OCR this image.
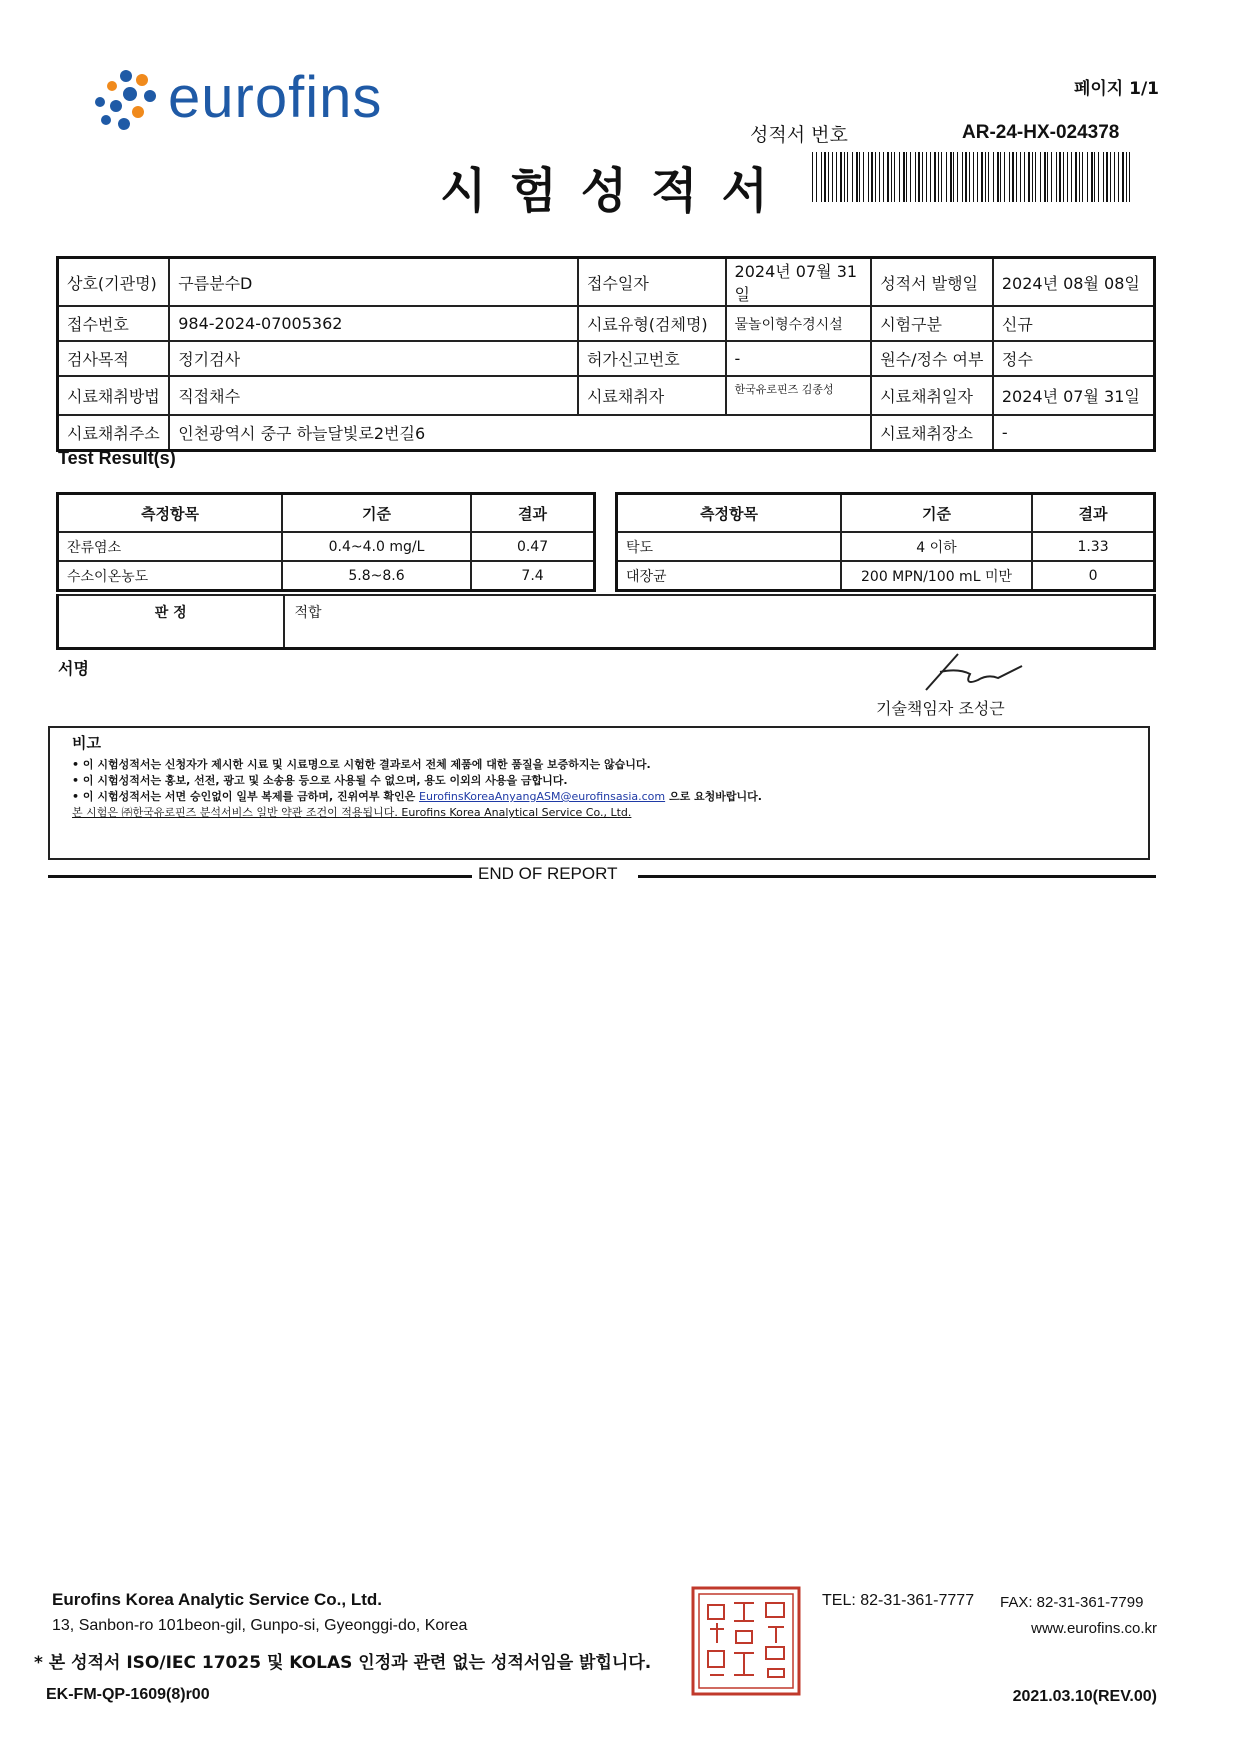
eurofins	페이지 1/1
성적서 번호	AR-24-HX-024378
시험성적서
상호(기관명)	구름분수D	접수일자	2024년 07월 31일	성적서 발행일	2024년 08월 08일
접수번호	984-2024-07005362	시료유형(검체명)	물놀이형수경시설	시험구분	신규
검사목적	정기검사	허가신고번호	-	원수/정수 여부	정수
시료채취방법	직접채수	시료채취자	한국유로핀즈 김종성	시료채취일자	2024년 07월 31일
시료채취주소	인천광역시 중구 하늘달빛로2번길6			시료채취장소	-
Test Result(s)
측정항목	기준	결과
잔류염소	0.4~4.0 mg/L	0.47
수소이온농도	5.8~8.6	7.4
측정항목	기준	결과
탁도	4 이하	1.33
대장균	200 MPN/100 mL 미만	0
판 정	적합
서명
기술책임자 조성근
비고
• 이 시험성적서는 신청자가 제시한 시료 및 시료명으로 시험한 결과로서 전체 제품에 대한 품질을 보증하지는 않습니다.
• 이 시험성적서는 홍보, 선전, 광고 및 소송용 등으로 사용될 수 없으며, 용도 이외의 사용을 금합니다.
• 이 시험성적서는 서면 승인없이 일부 복제를 금하며, 진위여부 확인은 EurofinsKoreaAnyangASM@eurofinsasia.com 으로 요청바랍니다.
본 시험은 ㈜한국유로핀즈 분석서비스 일반 약관 조건이 적용됩니다. Eurofins Korea Analytical Service Co., Ltd.
END OF REPORT
Eurofins Korea Analytic Service Co., Ltd.
13, Sanbon-ro 101beon-gil, Gunpo-si, Gyeonggi-do, Korea
* 본 성적서 ISO/IEC 17025 및 KOLAS 인정과 관련 없는 성적서임을 밝힙니다.
EK-FM-QP-1609(8)r00
TEL: 82-31-361-7777 FAX: 82-31-361-7799
www.eurofins.co.kr
2021.03.10(REV.00)
